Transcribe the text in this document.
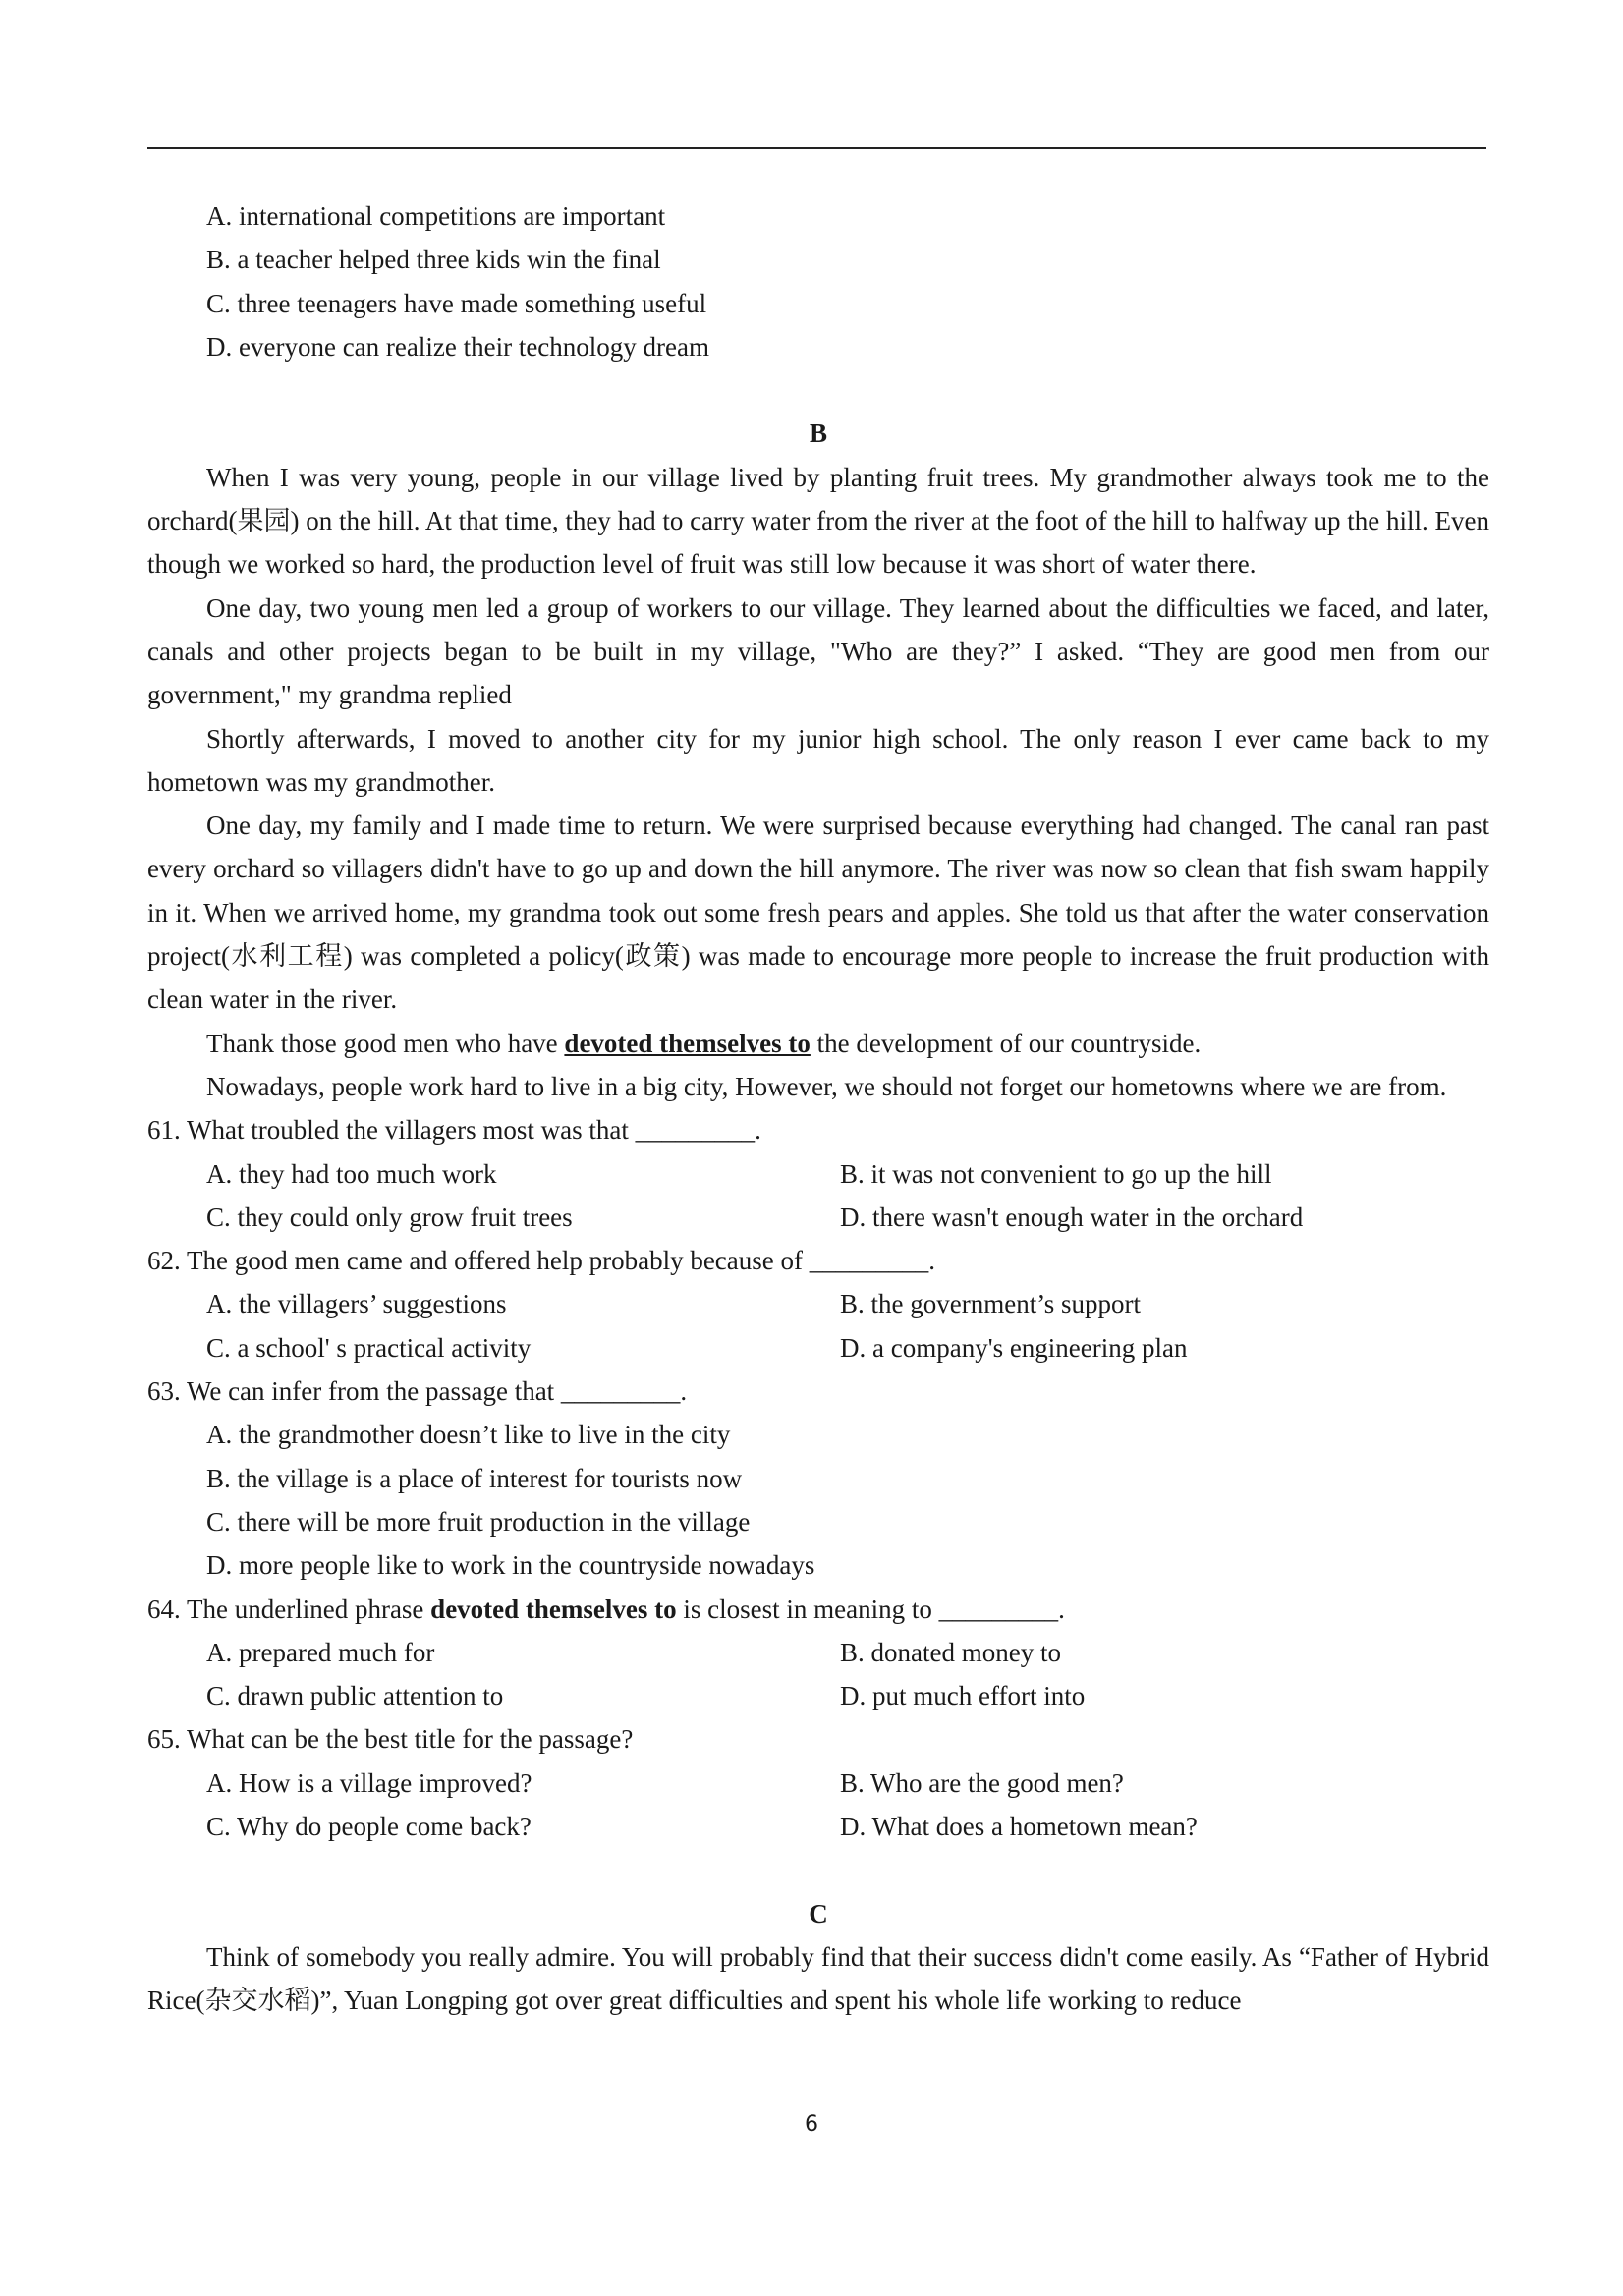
A. international competitions are important
B. a teacher helped three kids win the final
C. three teenagers have made something useful
D. everyone can realize their technology dream
B
When I was very young, people in our village lived by planting fruit trees. My grandmother always took me to the orchard(果园) on the hill. At that time, they had to carry water from the river at the foot of the hill to halfway up the hill. Even though we worked so hard, the production level of fruit was still low because it was short of water there.
One day, two young men led a group of workers to our village. They learned about the difficulties we faced, and later, canals and other projects began to be built in my village, "Who are they?” I asked. “They are good men from our government," my grandma replied
Shortly afterwards, I moved to another city for my junior high school. The only reason I ever came back to my hometown was my grandmother.
One day, my family and I made time to return. We were surprised because everything had changed. The canal ran past every orchard so villagers didn't have to go up and down the hill anymore. The river was now so clean that fish swam happily in it. When we arrived home, my grandma took out some fresh pears and apples. She told us that after the water conservation project(水利工程) was completed a policy(政策) was made to encourage more people to increase the fruit production with clean water in the river.
Thank those good men who have devoted themselves to the development of our countryside.
Nowadays, people work hard to live in a big city, However, we should not forget our hometowns where we are from.
61. What troubled the villagers most was that _________.
A. they had too much work	B. it was not convenient to go up the hill
C. they could only grow fruit trees	D. there wasn't enough water in the orchard
62. The good men came and offered help probably because of _________.
A. the villagers’ suggestions	B. the government’s support
C. a school' s practical activity	D. a company's engineering plan
63. We can infer from the passage that _________.
A. the grandmother doesn’t like to live in the city
B. the village is a place of interest for tourists now
C. there will be more fruit production in the village
D. more people like to work in the countryside nowadays
64. The underlined phrase devoted themselves to is closest in meaning to _________.
A. prepared much for	B. donated money to
C. drawn public attention to	D. put much effort into
65. What can be the best title for the passage?
A. How is a village improved?	B. Who are the good men?
C. Why do people come back?	D. What does a hometown mean?
C
Think of somebody you really admire. You will probably find that their success didn't come easily. As “Father of Hybrid Rice(杂交水稻)”, Yuan Longping got over great difficulties and spent his whole life working to reduce
6
